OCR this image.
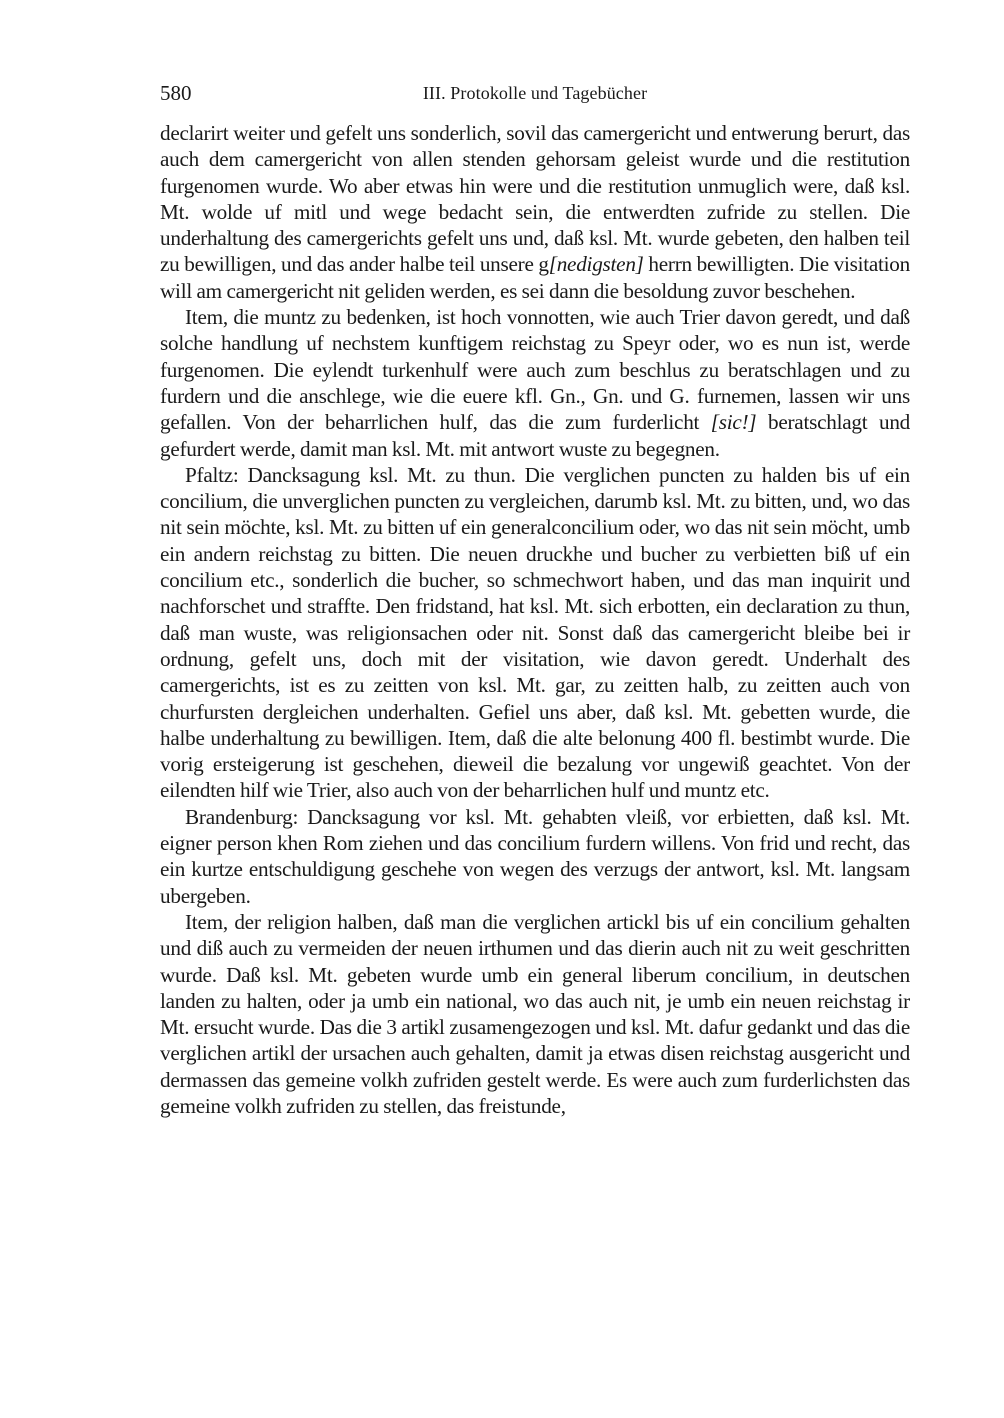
580	III. Protokolle und Tagebücher

declarirt weiter und gefelt uns sonderlich, sovil das camergericht und entwerung berurt, das auch dem camergericht von allen stenden gehorsam geleist wurde und die restitution furgenomen wurde. Wo aber etwas hin were und die restitution unmuglich were, daß ksl. Mt. wolde uf mitl und wege bedacht sein, die entwerdten zufride zu stellen. Die underhaltung des camergerichts gefelt uns und, daß ksl. Mt. wurde gebeten, den halben teil zu bewilligen, und das ander halbe teil unsere g[nedigsten] herrn bewilligten. Die visitation will am camergericht nit geliden werden, es sei dann die besoldung zuvor beschehen.

Item, die muntz zu bedenken, ist hoch vonnotten, wie auch Trier davon geredt, und daß solche handlung uf nechstem kunftigem reichstag zu Speyr oder, wo es nun ist, werde furgenomen. Die eylendt turkenhulf were auch zum beschlus zu beratschlagen und zu furdern und die anschlege, wie die euere kfl. Gn., Gn. und G. furnemen, lassen wir uns gefallen. Von der beharrlichen hulf, das die zum furderlicht [sic!] beratschlagt und gefurdert werde, damit man ksl. Mt. mit antwort wuste zu begegnen.

Pfaltz: Dancksagung ksl. Mt. zu thun. Die verglichen puncten zu halden bis uf ein concilium, die unverglichen puncten zu vergleichen, darumb ksl. Mt. zu bitten, und, wo das nit sein möchte, ksl. Mt. zu bitten uf ein generalconcilium oder, wo das nit sein möcht, umb ein andern reichstag zu bitten. Die neuen druckhe und bucher zu verbietten biß uf ein concilium etc., sonderlich die bucher, so schmechwort haben, und das man inquirit und nachforschet und straffte. Den fridstand, hat ksl. Mt. sich erbotten, ein declaration zu thun, daß man wuste, was religionsachen oder nit. Sonst daß das camergericht bleibe bei ir ordnung, gefelt uns, doch mit der visitation, wie davon geredt. Underhalt des camergerichts, ist es zu zeitten von ksl. Mt. gar, zu zeitten halb, zu zeitten auch von churfursten dergleichen underhalten. Gefiel uns aber, daß ksl. Mt. gebetten wurde, die halbe underhaltung zu bewilligen. Item, daß die alte belonung 400 fl. bestimbt wurde. Die vorig ersteigerung ist geschehen, dieweil die bezalung vor ungewiß geachtet. Von der eilendten hilf wie Trier, also auch von der beharrlichen hulf und muntz etc.

Brandenburg: Dancksagung vor ksl. Mt. gehabten vleiß, vor erbietten, daß ksl. Mt. eigner person khen Rom ziehen und das concilium furdern willens. Von frid und recht, das ein kurtze entschuldigung geschehe von wegen des verzugs der antwort, ksl. Mt. langsam ubergeben.

Item, der religion halben, daß man die verglichen artickl bis uf ein concilium gehalten und diß auch zu vermeiden der neuen irthumen und das dierin auch nit zu weit geschritten wurde. Daß ksl. Mt. gebeten wurde umb ein general liberum concilium, in deutschen landen zu halten, oder ja umb ein national, wo das auch nit, je umb ein neuen reichstag ir Mt. ersucht wurde. Das die 3 artikl zusamengezogen und ksl. Mt. dafur gedankt und das die verglichen artikl der ursachen auch gehalten, damit ja etwas disen reichstag ausgericht und dermassen das gemeine volkh zufriden gestelt werde. Es were auch zum furderlichsten das gemeine volkh zufriden zu stellen, das freistunde,
